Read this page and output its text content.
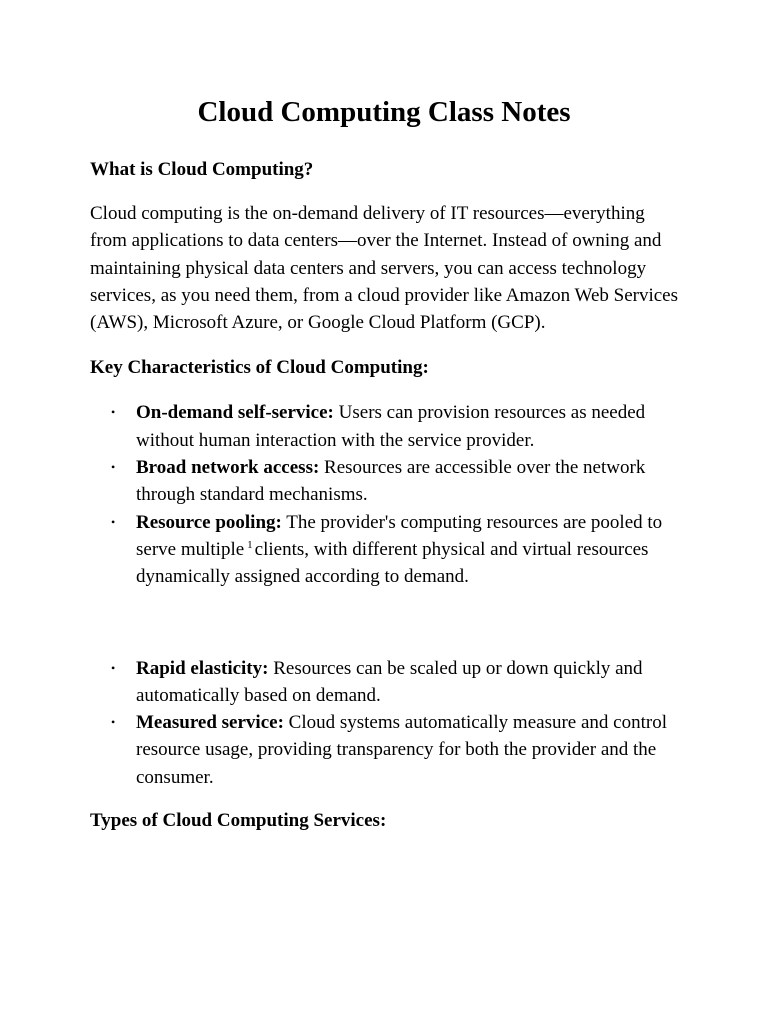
Cloud Computing Class Notes
What is Cloud Computing?

Cloud computing is the on-demand delivery of IT resources—everything from applications to data centers—over the Internet. Instead of owning and maintaining physical data centers and servers, you can access technology services, as you need them, from a cloud provider like Amazon Web Services (AWS), Microsoft Azure, or Google Cloud Platform (GCP).

Key Characteristics of Cloud Computing:
• On-demand self-service: Users can provision resources as needed without human interaction with the service provider.
• Broad network access: Resources are accessible over the network through standard mechanisms.
• Resource pooling: The provider's computing resources are pooled to serve multiple $^1$ clients, with different physical and virtual resources dynamically assigned according to demand.
• Rapid elasticity: Resources can be scaled up or down quickly and automatically based on demand.
• Measured service: Cloud systems automatically measure and control resource usage, providing transparency for both the provider and the consumer.
Types of Cloud Computing Services:
